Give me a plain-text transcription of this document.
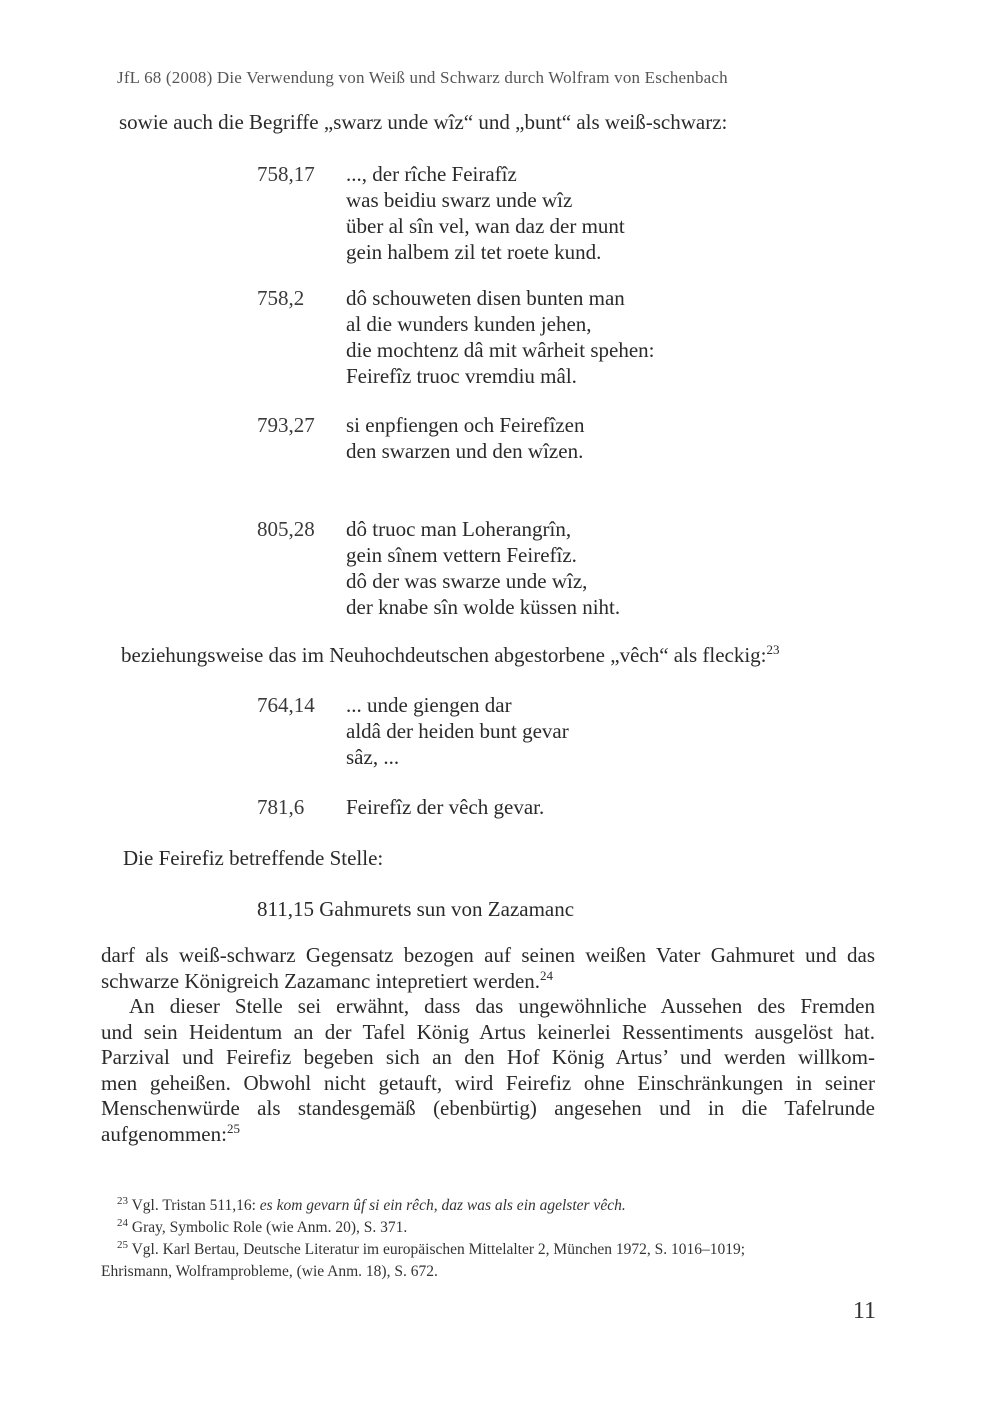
JfL 68 (2008) Die Verwendung von Weiß und Schwarz durch Wolfram von Eschenbach
sowie auch die Begriffe „swarz unde wîz“ und „bunt“ als weiß-schwarz:
758,17 ..., der rîche Feirafîz
was beidiu swarz unde wîz
über al sîn vel, wan daz der munt
gein halbem zil tet roete kund.
758,2 dô schouweten disen bunten man
al die wunders kunden jehen,
die mochtenz dâ mit wârheit spehen:
Feirefîz truoc vremdiu mâl.
793,27 si enpfiengen och Feirefîzen
den swarzen und den wîzen.
805,28 dô truoc man Loherangrîn,
gein sînem vettern Feirefîz.
dô der was swarze unde wîz,
der knabe sîn wolde küssen niht.
beziehungsweise das im Neuhochdeutschen abgestorbene „vêch“ als fleckig:$^{23}$
764,14 ... unde giengen dar
aldâ der heiden bunt gevar
sâz, ...
781,6 Feirefîz der vêch gevar.
Die Feirefiz betreffende Stelle:
811,15 Gahmurets sun von Zazamanc
darf als weiß-schwarz Gegensatz bezogen auf seinen weißen Vater Gahmuret und das
schwarze Königreich Zazamanc intepretiert werden.$^{24}$
An dieser Stelle sei erwähnt, dass das ungewöhnliche Aussehen des Fremden
und sein Heidentum an der Tafel König Artus keinerlei Ressentiments ausgelöst hat.
Parzival und Feirefiz begeben sich an den Hof König Artus’ und werden willkom-
men geheißen. Obwohl nicht getauft, wird Feirefiz ohne Einschränkungen in seiner
Menschenwürde als standesgemäß (ebenbürtig) angesehen und in die Tafelrunde
aufgenommen:$^{25}$
$^{23}$ Vgl. Tristan 511,16: es kom gevarn ûf si ein rêch, daz was als ein agelster vêch.
$^{24}$ Gray, Symbolic Role (wie Anm. 20), S. 371.
$^{25}$ Vgl. Karl Bertau, Deutsche Literatur im europäischen Mittelalter 2, München 1972, S. 1016–1019;
Ehrismann, Wolframprobleme, (wie Anm. 18), S. 672.
11
